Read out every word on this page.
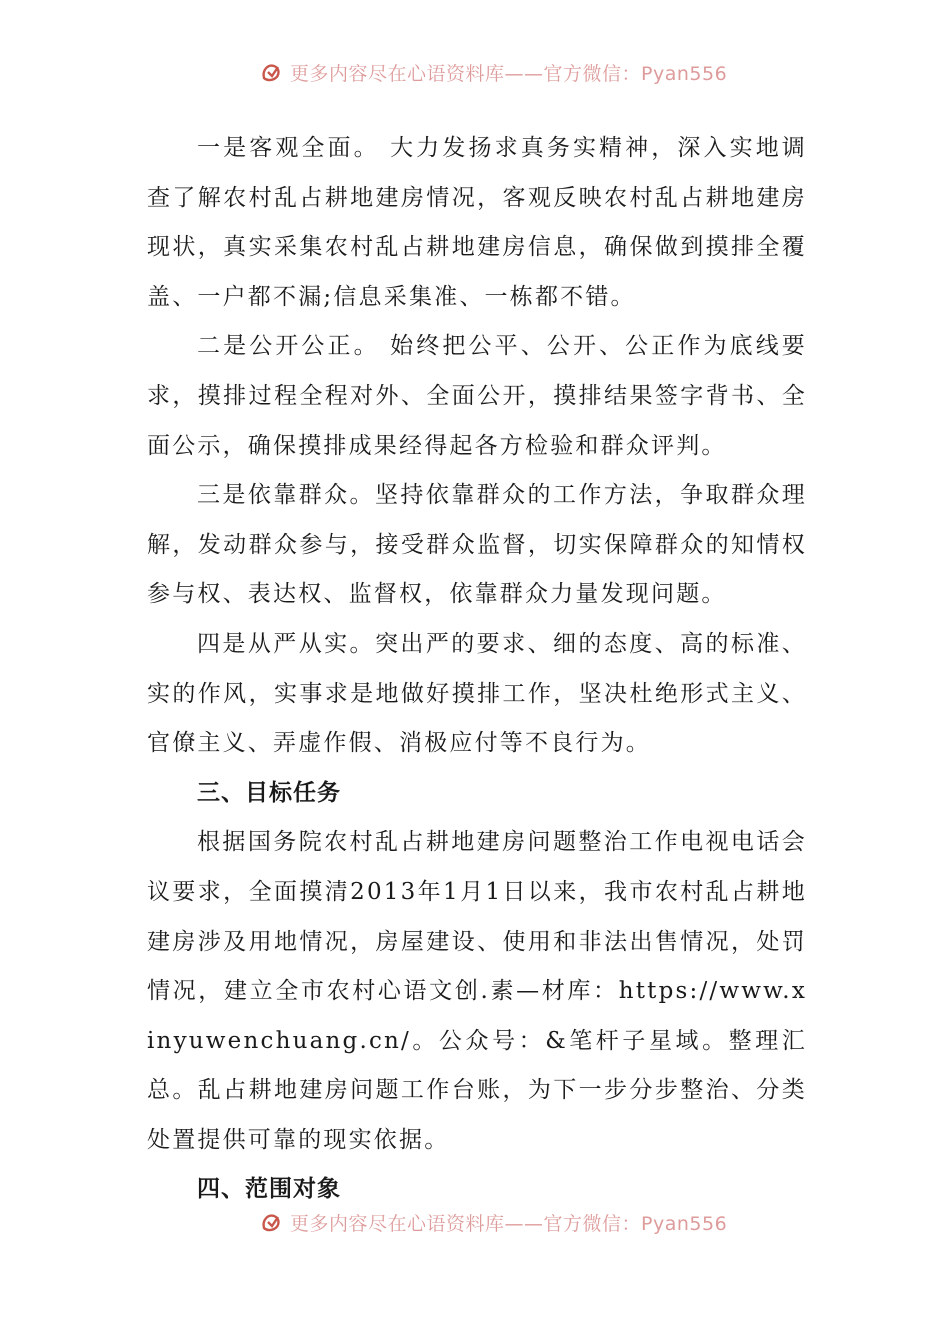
更多内容尽在心语资料库——官方微信：Pyan556

一是客观全面。 大力发扬求真务实精神，深入实地调查了解农村乱占耕地建房情况，客观反映农村乱占耕地建房现状，真实采集农村乱占耕地建房信息，确保做到摸排全覆盖、一户都不漏;信息采集准、一栋都不错。

二是公开公正。 始终把公平、公开、公正作为底线要求，摸排过程全程对外、全面公开，摸排结果签字背书、全面公示，确保摸排成果经得起各方检验和群众评判。

三是依靠群众。坚持依靠群众的工作方法，争取群众理解，发动群众参与，接受群众监督，切实保障群众的知情权参与权、表达权、监督权，依靠群众力量发现问题。

四是从严从实。突出严的要求、细的态度、高的标准、实的作风，实事求是地做好摸排工作，坚决杜绝形式主义、官僚主义、弄虚作假、消极应付等不良行为。

三、目标任务

根据国务院农村乱占耕地建房问题整治工作电视电话会议要求，全面摸清2013年1月1日以来，我市农村乱占耕地建房涉及用地情况，房屋建设、使用和非法出售情况，处罚情况，建立全市农村心语文创.素—材库：https://www.xinyuwenchuang.cn/。公众号：&笔杆子星域。整理汇总。乱占耕地建房问题工作台账，为下一步分步整治、分类处置提供可靠的现实依据。

四、范围对象

更多内容尽在心语资料库——官方微信：Pyan556
